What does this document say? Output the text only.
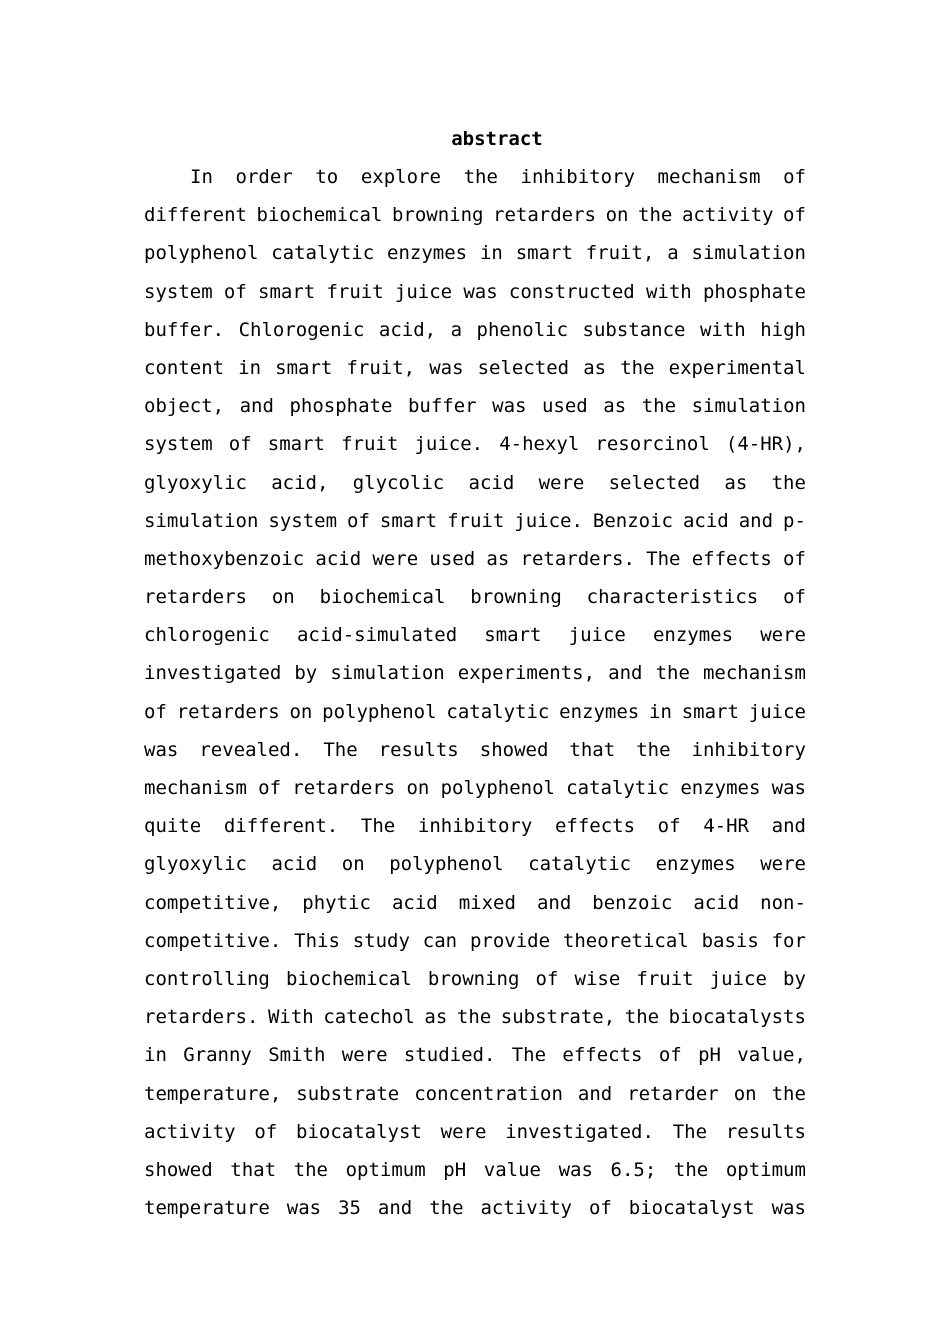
abstract
In order to explore the inhibitory mechanism of
different biochemical browning retarders on the activity of
polyphenol catalytic enzymes in smart fruit, a simulation
system of smart fruit juice was constructed with phosphate
buffer. Chlorogenic acid, a phenolic substance with high
content in smart fruit, was selected as the experimental
object, and phosphate buffer was used as the simulation
system of smart fruit juice. 4-hexyl resorcinol (4-HR),
glyoxylic acid, glycolic acid were selected as the
simulation system of smart fruit juice. Benzoic acid and p-
methoxybenzoic acid were used as retarders. The effects of
retarders on biochemical browning characteristics of
chlorogenic acid-simulated smart juice enzymes were
investigated by simulation experiments, and the mechanism
of retarders on polyphenol catalytic enzymes in smart juice
was revealed. The results showed that the inhibitory
mechanism of retarders on polyphenol catalytic enzymes was
quite different. The inhibitory effects of 4-HR and
glyoxylic acid on polyphenol catalytic enzymes were
competitive, phytic acid mixed and benzoic acid non-
competitive. This study can provide theoretical basis for
controlling biochemical browning of wise fruit juice by
retarders. With catechol as the substrate, the biocatalysts
in Granny Smith were studied. The effects of pH value,
temperature, substrate concentration and retarder on the
activity of biocatalyst were investigated. The results
showed that the optimum pH value was 6.5; the optimum
temperature was 35 and the activity of biocatalyst was
